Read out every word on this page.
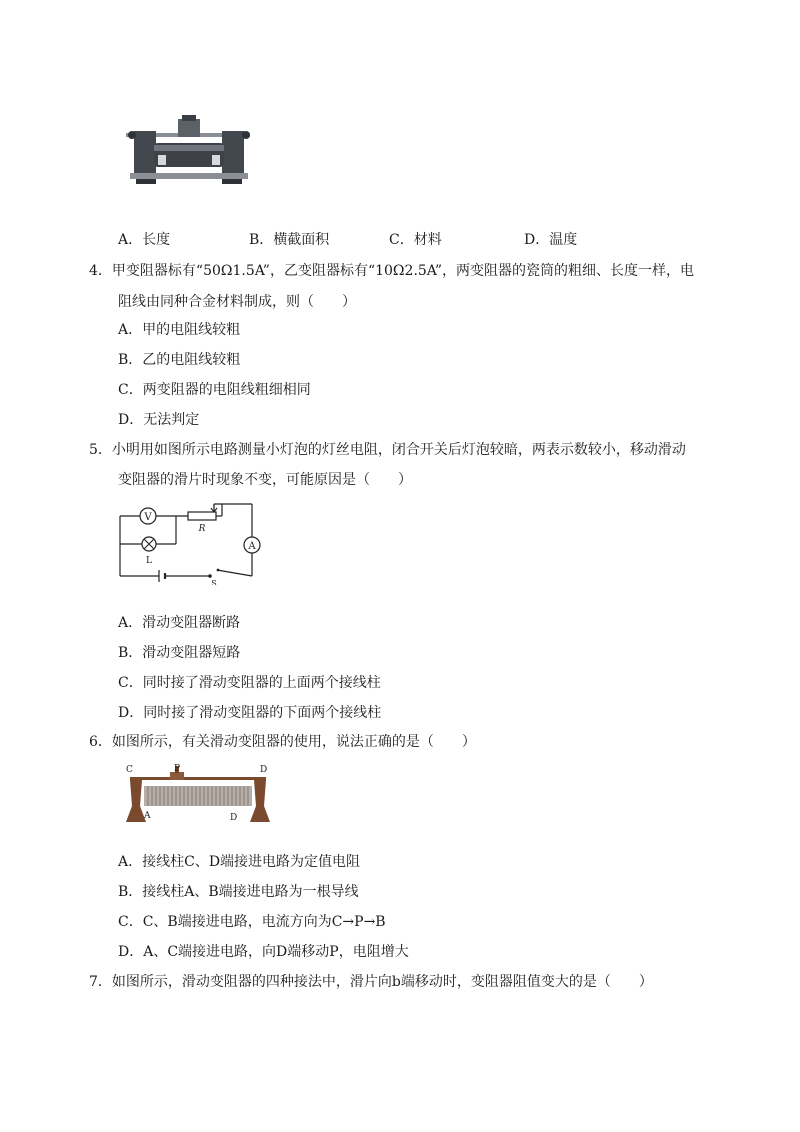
A．长度	B．横截面积	C．材料	D．温度
4．甲变阻器标有“50Ω1.5A”，乙变阻器标有“10Ω2.5A”，两变阻器的瓷筒的粗细、长度一样，电
阻线由同种合金材料制成，则（　　）
A．甲的电阻线较粗
B．乙的电阻线较粗
C．两变阻器的电阻线粗细相同
D．无法判定
5．小明用如图所示电路测量小灯泡的灯丝电阻，闭合开关后灯泡较暗，两表示数较小，移动滑动
变阻器的滑片时现象不变，可能原因是（　　）
V
L
R
A
S
A．滑动变阻器断路
B．滑动变阻器短路
C．同时接了滑动变阻器的上面两个接线柱
D．同时接了滑动变阻器的下面两个接线柱
6．如图所示，有关滑动变阻器的使用，说法正确的是（　　）
C	P	D
A	D
A．接线柱C、D端接进电路为定值电阻
B．接线柱A、B端接进电路为一根导线
C．C、B端接进电路，电流方向为C→P→B
D．A、C端接进电路，向D端移动P，电阻增大
7．如图所示，滑动变阻器的四种接法中，滑片向b端移动时，变阻器阻值变大的是（　　）
